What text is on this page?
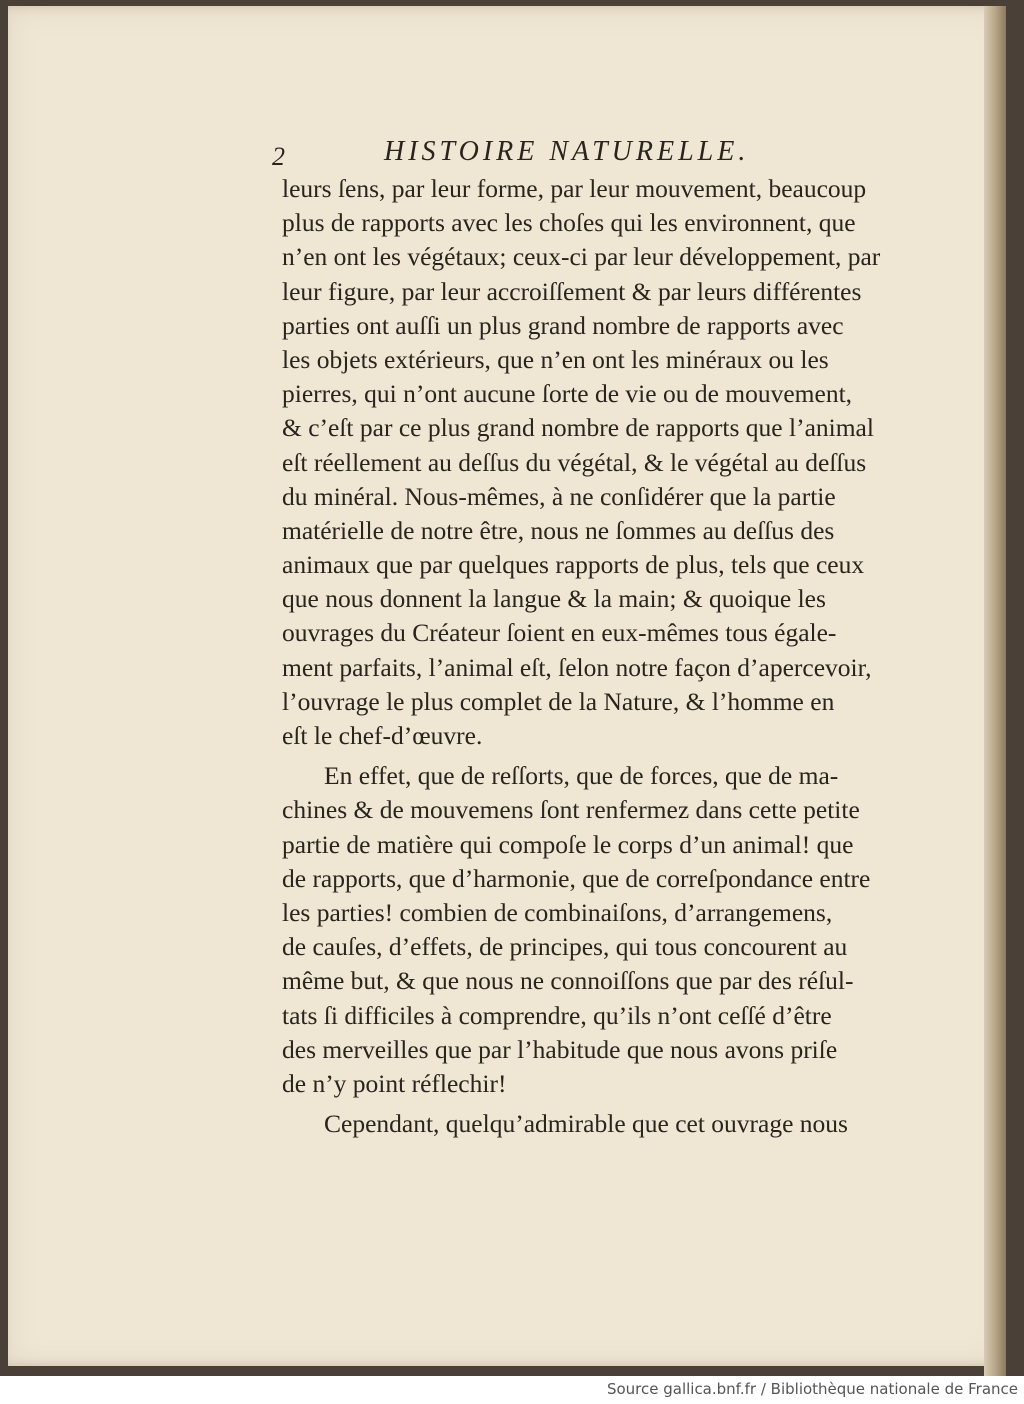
2	HISTOIRE NATURELLE.
leurs ſens, par leur forme, par leur mouvement, beaucoup
plus de rapports avec les choſes qui les environnent, que
n’en ont les végétaux; ceux-ci par leur développement, par
leur figure, par leur accroiſſement & par leurs différentes
parties ont auſſi un plus grand nombre de rapports avec
les objets extérieurs, que n’en ont les minéraux ou les
pierres, qui n’ont aucune ſorte de vie ou de mouvement,
& c’eſt par ce plus grand nombre de rapports que l’animal
eſt réellement au deſſus du végétal, & le végétal au deſſus
du minéral. Nous-mêmes, à ne conſidérer que la partie
matérielle de notre être, nous ne ſommes au deſſus des
animaux que par quelques rapports de plus, tels que ceux
que nous donnent la langue & la main; & quoique les
ouvrages du Créateur ſoient en eux-mêmes tous égale-
ment parfaits, l’animal eſt, ſelon notre façon d’apercevoir,
l’ouvrage le plus complet de la Nature, & l’homme en
eſt le chef-d’œuvre.
En effet, que de reſſorts, que de forces, que de ma-
chines & de mouvemens ſont renfermez dans cette petite
partie de matière qui compoſe le corps d’un animal! que
de rapports, que d’harmonie, que de correſpondance entre
les parties! combien de combinaiſons, d’arrangemens,
de cauſes, d’effets, de principes, qui tous concourent au
même but, & que nous ne connoiſſons que par des réſul-
tats ſi difficiles à comprendre, qu’ils n’ont ceſſé d’être
des merveilles que par l’habitude que nous avons priſe
de n’y point réflechir!
Cependant, quelqu’admirable que cet ouvrage nous
Source gallica.bnf.fr / Bibliothèque nationale de France
